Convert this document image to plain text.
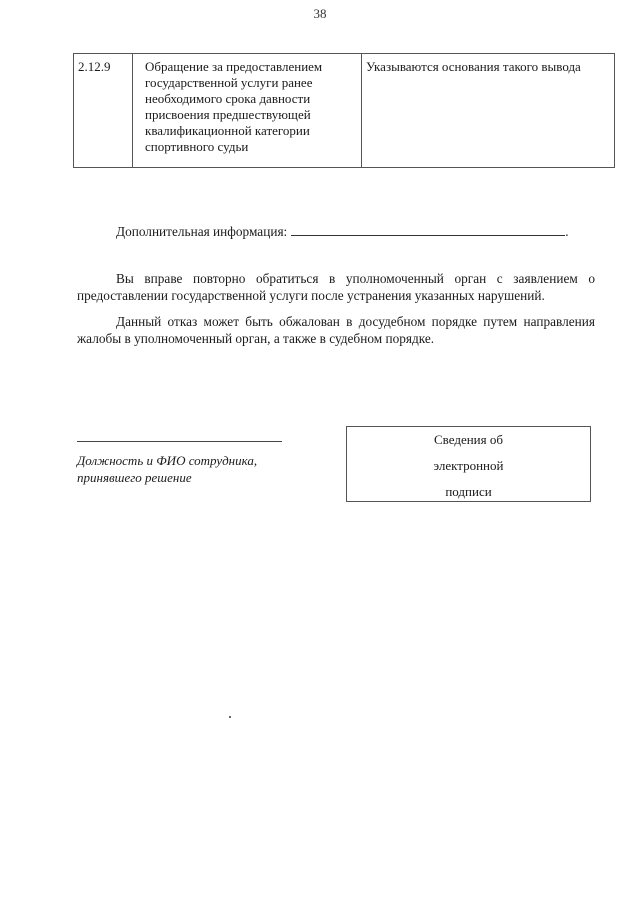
38
2.12.9	Обращение за предоставлением государственной услуги ранее необходимого срока давности присвоения предшествующей квалификационной категории спортивного судьи	Указываются основания такого вывода
Дополнительная информация:	.
Вы вправе повторно обратиться в уполномоченный орган с заявлением о предоставлении государственной услуги после устранения указанных нарушений.
Данный отказ может быть обжалован в досудебном порядке путем направления жалобы в уполномоченный орган, а также в судебном порядке.
Должность и ФИО сотрудника,
принявшего решение
Сведения об
электронной
подписи
